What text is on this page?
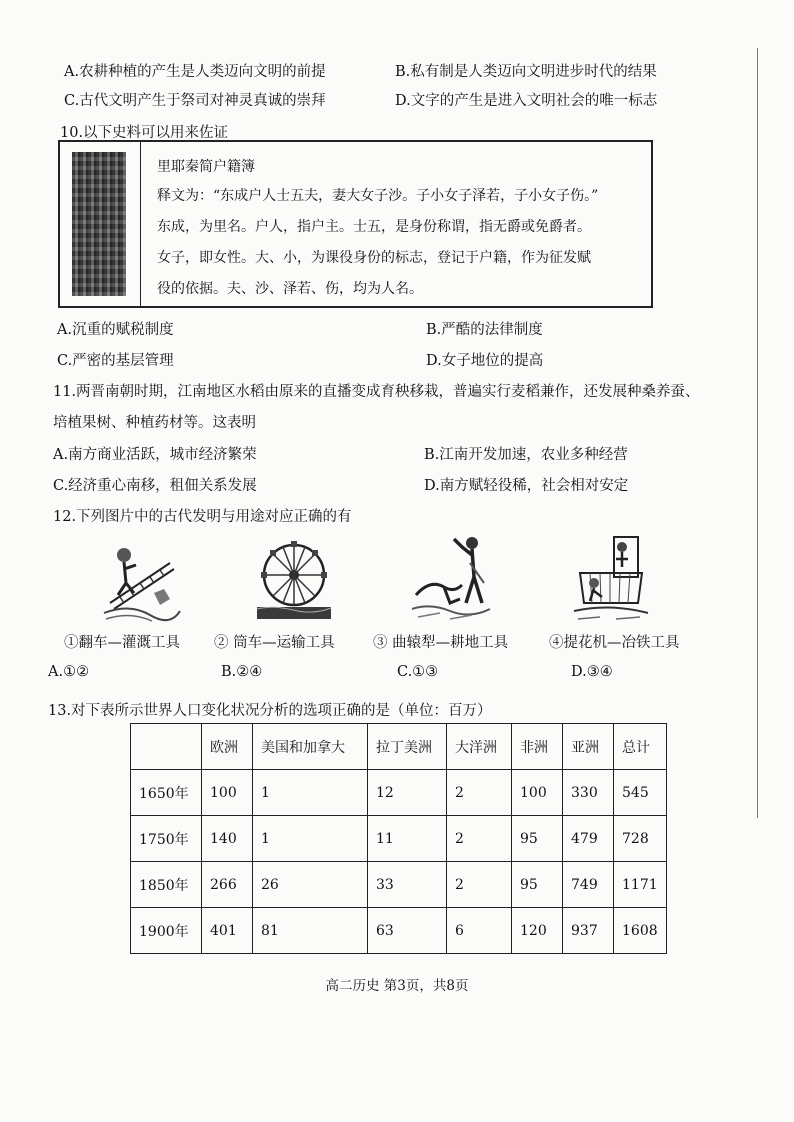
A.农耕种植的产生是人类迈向文明的前提	B.私有制是人类迈向文明进步时代的结果
C.古代文明产生于祭司对神灵真诚的崇拜	D.文字的产生是进入文明社会的唯一标志
10.以下史料可以用来佐证
里耶秦简户籍簿
释文为：“东成户人士五夫，妻大女子沙。子小女子泽若，子小女子伤。”
东成，为里名。户人，指户主。士五，是身份称谓，指无爵或免爵者。
女子，即女性。大、小，为课役身份的标志，登记于户籍，作为征发赋
役的依据。夫、沙、泽若、伤，均为人名。
A.沉重的赋税制度	B.严酷的法律制度
C.严密的基层管理	D.女子地位的提高
11.两晋南朝时期，江南地区水稻由原来的直播变成育秧移栽，普遍实行麦稻兼作，还发展种桑养蚕、
培植果树、种植药材等。这表明
A.南方商业活跃，城市经济繁荣	B.江南开发加速，农业多种经营
C.经济重心南移，租佃关系发展	D.南方赋轻役稀，社会相对安定
12.下列图片中的古代发明与用途对应正确的有
①翻车—灌溉工具 ② 筒车—运输工具	③ 曲辕犁—耕地工具	④提花机—冶铁工具
A.①②	B.②④	C.①③	D.③④
13.对下表所示世界人口变化状况分析的选项正确的是（单位：百万）
	欧洲	美国和加拿大	拉丁美洲	大洋洲	非洲	亚洲	总计
1650年	100	1	12	2	100	330	545
1750年	140	1	11	2	95	479	728
1850年	266	26	33	2	95	749	1171
1900年	401	81	63	6	120	937	1608
高二历史 第3页，共8页
